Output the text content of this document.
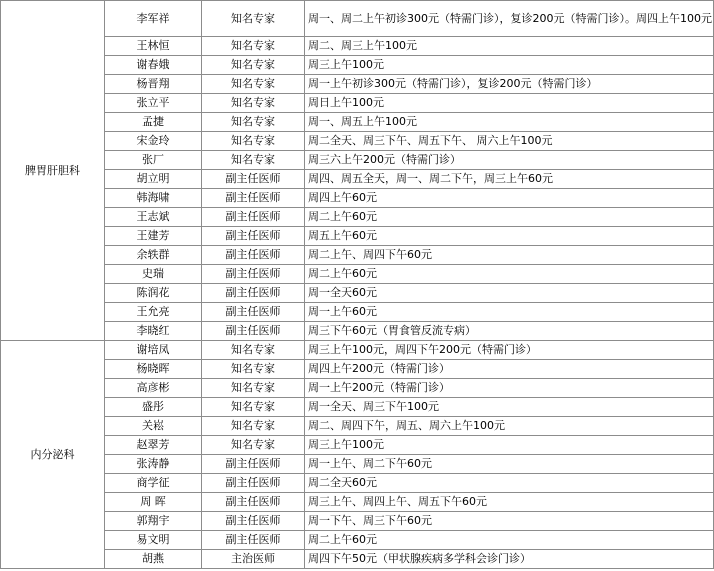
脾胃肝胆科	李军祥	知名专家	周一、周二上午初诊300元（特需门诊），复诊200元（特需门诊）。周四上午100元
	王林恒	知名专家	周二、周三上午100元
	谢春娥	知名专家	周三上午100元
	杨晋翔	知名专家	周一上午初诊300元（特需门诊），复诊200元（特需门诊）
	张立平	知名专家	周日上午100元
	孟捷	知名专家	周一、周五上午100元
	宋金玲	知名专家	周二全天、周三下午、周五下午、 周六上午100元
	张厂	知名专家	周三六上午200元（特需门诊）
	胡立明	副主任医师	周四、周五全天，周一、周二下午，周三上午60元
	韩海啸	副主任医师	周四上午60元
	王志斌	副主任医师	周二上午60元
	王建芳	副主任医师	周五上午60元
	余轶群	副主任医师	周二上午、周四下午60元
	史瑞	副主任医师	周二上午60元
	陈润花	副主任医师	周一全天60元
	王允亮	副主任医师	周一上午60元
	李晓红	副主任医师	周三下午60元（胃食管反流专病）
内分泌科	谢培凤	知名专家	周三上午100元，周四下午200元（特需门诊）
	杨晓晖	知名专家	周四上午200元（特需门诊）
	高彦彬	知名专家	周一上午200元（特需门诊）
	盛彤	知名专家	周一全天、周三下午100元
	关崧	知名专家	周二、周四下午，周五、周六上午100元
	赵翠芳	知名专家	周三上午100元
	张涛静	副主任医师	周一上午、周二下午60元
	商学征	副主任医师	周二全天60元
	周 晖	副主任医师	周三上午、周四上午、周五下午60元
	郭翔宇	副主任医师	周一下午、周三下午60元
	易文明	副主任医师	周二上午60元
	胡燕	主治医师	周四下午50元（甲状腺疾病多学科会诊门诊）
